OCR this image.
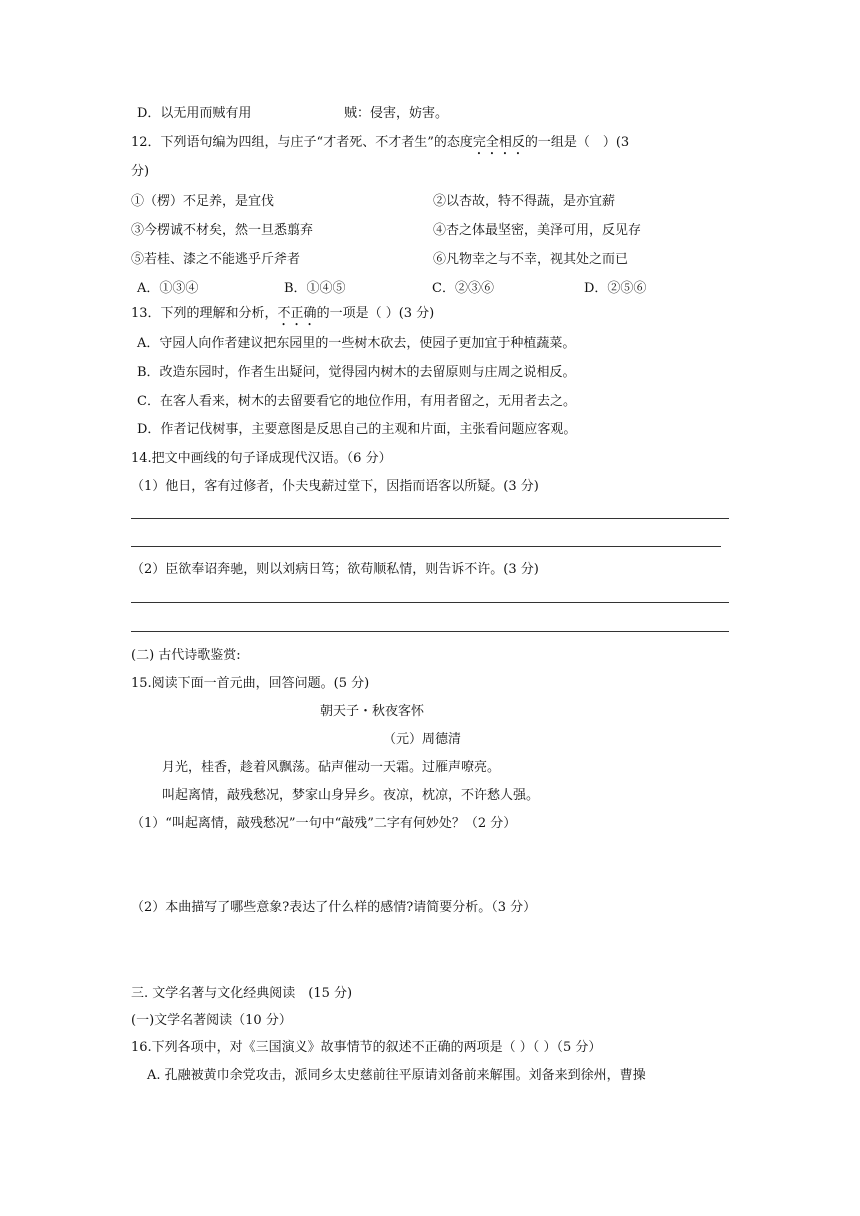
D．以无用而贼有用	贼：侵害，妨害。
12．下列语句编为四组，与庄子“才者死、不才者生”的态度完全相反的一组是（　）(3
分)
①（楞）不足养，是宜伐	②以杏故，特不得蔬，是亦宜薪
③今楞诚不材矣，然一旦悉翦弃	④杏之体最坚密，美泽可用，反见存
⑤若桂、漆之不能逃乎斤斧者	⑥凡物幸之与不幸，视其处之而已
A．①③④	B．①④⑤	C．②③⑥	D．②⑤⑥
13．下列的理解和分析，不正确的一项是（ ）(3 分)
A．守园人向作者建议把东园里的一些树木砍去，使园子更加宜于种植蔬菜。
B．改造东园时，作者生出疑问，觉得园内树木的去留原则与庄周之说相反。
C．在客人看来，树木的去留要看它的地位作用，有用者留之，无用者去之。
D．作者记伐树事，主要意图是反思自己的主观和片面，主张看问题应客观。
14.把文中画线的句子译成现代汉语。（6 分）
（1）他日，客有过修者，仆夫曳薪过堂下，因指而语客以所疑。(3 分)
（2）臣欲奉诏奔驰，则以刘病日笃；欲苟顺私情，则告诉不许。(3 分)
(二) 古代诗歌鉴赏:
15.阅读下面一首元曲，回答问题。(5 分)
朝天子・秋夜客怀
（元）周德清
月光，桂香，趁着风飘荡。砧声催动一天霜。过雁声嘹亮。
叫起离情，敲残愁况，梦家山身异乡。夜凉，枕凉，不许愁人强。
（1）“叫起离情，敲残愁况”一句中“敲残”二字有何妙处？（2 分）
（2）本曲描写了哪些意象?表达了什么样的感情?请简要分析。（3 分）
三. 文学名著与文化经典阅读　(15 分)
(一)文学名著阅读（10 分）
16.下列各项中，对《三国演义》故事情节的叙述不正确的两项是（ ）（ ）（5 分）
A. 孔融被黄巾余党攻击，派同乡太史慈前往平原请刘备前来解围。刘备来到徐州，曹操
